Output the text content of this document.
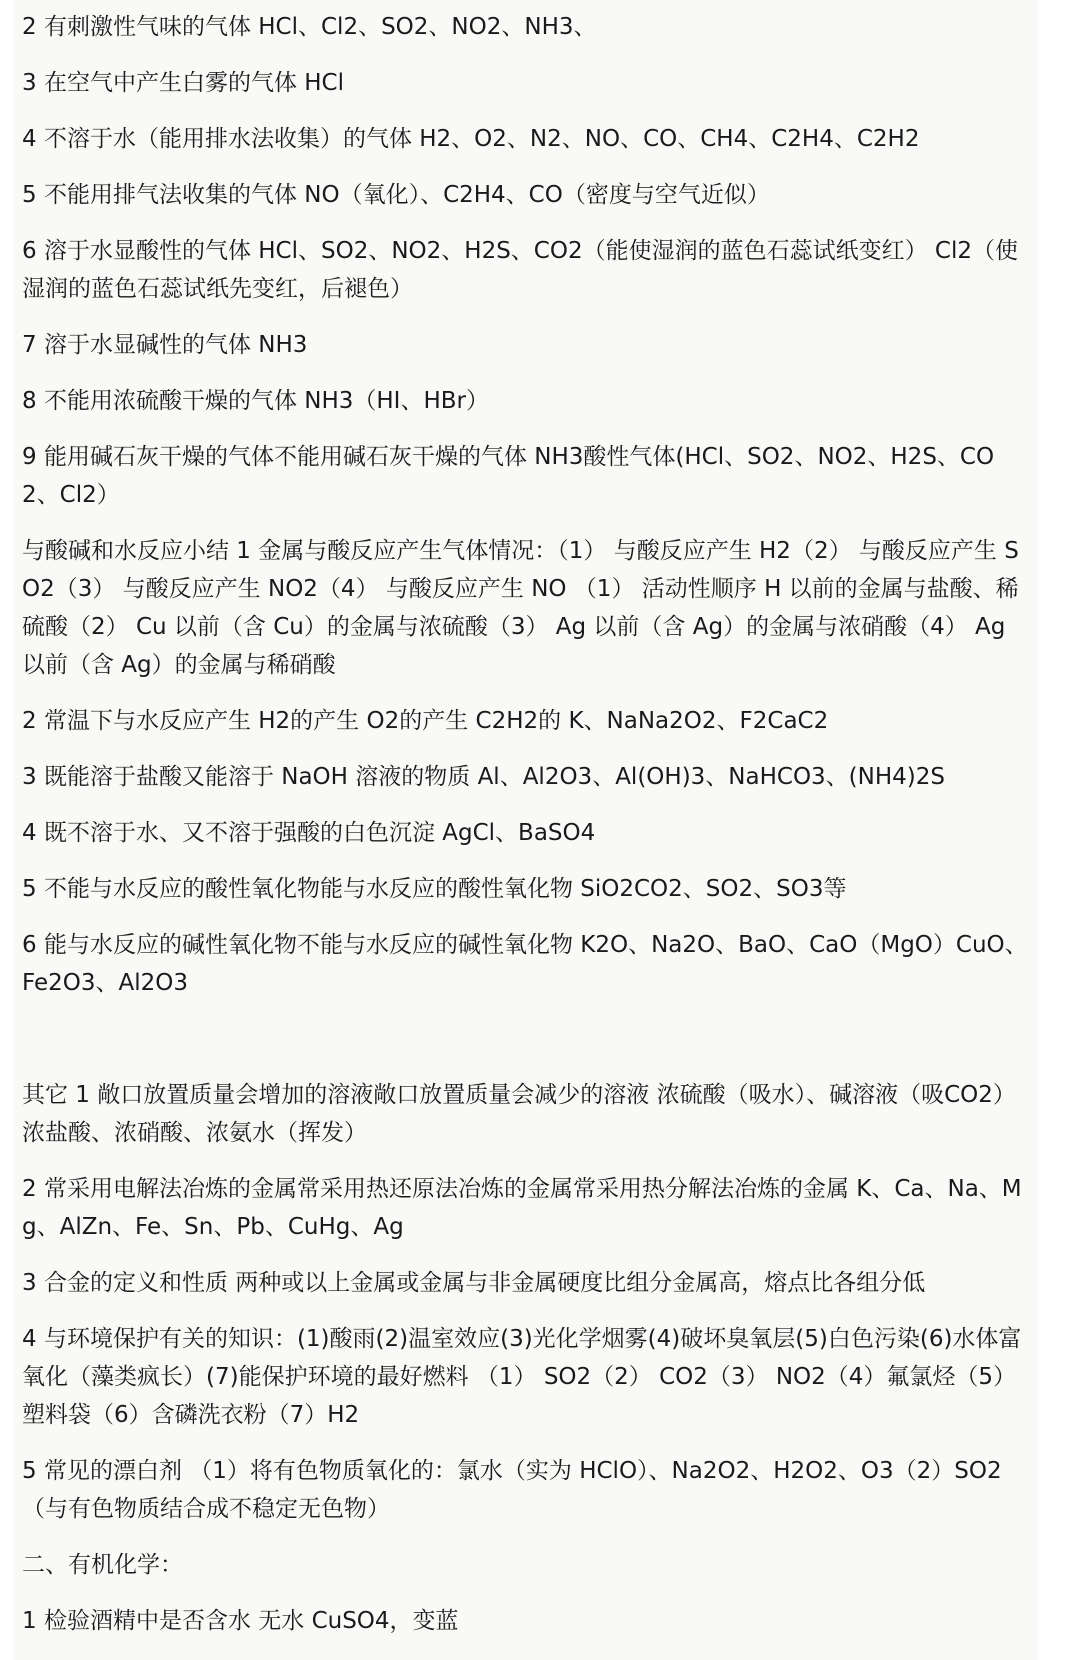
2 有刺激性气味的气体 HCl、Cl2、SO2、NO2、NH3、

3 在空气中产生白雾的气体 HCl

4 不溶于水（能用排水法收集）的气体 H2、O2、N2、NO、CO、CH4、C2H4、C2H2

5 不能用排气法收集的气体 NO（氧化）、C2H4、CO（密度与空气近似）

6 溶于水显酸性的气体 HCl、SO2、NO2、H2S、CO2（能使湿润的蓝色石蕊试纸变红） Cl2（使湿润的蓝色石蕊试纸先变红，后褪色）

7 溶于水显碱性的气体 NH3

8 不能用浓硫酸干燥的气体 NH3（HI、HBr）

9 能用碱石灰干燥的气体不能用碱石灰干燥的气体 NH3酸性气体(HCl、SO2、NO2、H2S、CO2、Cl2）

与酸碱和水反应小结 1 金属与酸反应产生气体情况：（1） 与酸反应产生 H2（2） 与酸反应产生 SO2（3） 与酸反应产生 NO2（4） 与酸反应产生 NO （1） 活动性顺序 H 以前的金属与盐酸、稀硫酸（2） Cu 以前（含 Cu）的金属与浓硫酸（3） Ag 以前（含 Ag）的金属与浓硝酸（4） Ag 以前（含 Ag）的金属与稀硝酸

2 常温下与水反应产生 H2的产生 O2的产生 C2H2的 K、NaNa2O2、F2CaC2

3 既能溶于盐酸又能溶于 NaOH 溶液的物质 Al、Al2O3、Al(OH)3、NaHCO3、(NH4)2S

4 既不溶于水、又不溶于强酸的白色沉淀 AgCl、BaSO4

5 不能与水反应的酸性氧化物能与水反应的酸性氧化物 SiO2CO2、SO2、SO3等

6 能与水反应的碱性氧化物不能与水反应的碱性氧化物 K2O、Na2O、BaO、CaO（MgO）CuO、Fe2O3、Al2O3

其它 1 敞口放置质量会增加的溶液敞口放置质量会减少的溶液 浓硫酸（吸水）、碱溶液（吸CO2）浓盐酸、浓硝酸、浓氨水（挥发）

2 常采用电解法冶炼的金属常采用热还原法冶炼的金属常采用热分解法冶炼的金属 K、Ca、Na、Mg、AlZn、Fe、Sn、Pb、CuHg、Ag

3 合金的定义和性质 两种或以上金属或金属与非金属硬度比组分金属高，熔点比各组分低

4 与环境保护有关的知识：(1)酸雨(2)温室效应(3)光化学烟雾(4)破坏臭氧层(5)白色污染(6)水体富氧化（藻类疯长）(7)能保护环境的最好燃料 （1） SO2（2） CO2（3） NO2（4）氟氯烃（5）塑料袋（6）含磷洗衣粉（7）H2

5 常见的漂白剂 （1）将有色物质氧化的：氯水（实为 HClO）、Na2O2、H2O2、O3（2）SO2（与有色物质结合成不稳定无色物）

二、有机化学：

1 检验酒精中是否含水 无水 CuSO4，变蓝
